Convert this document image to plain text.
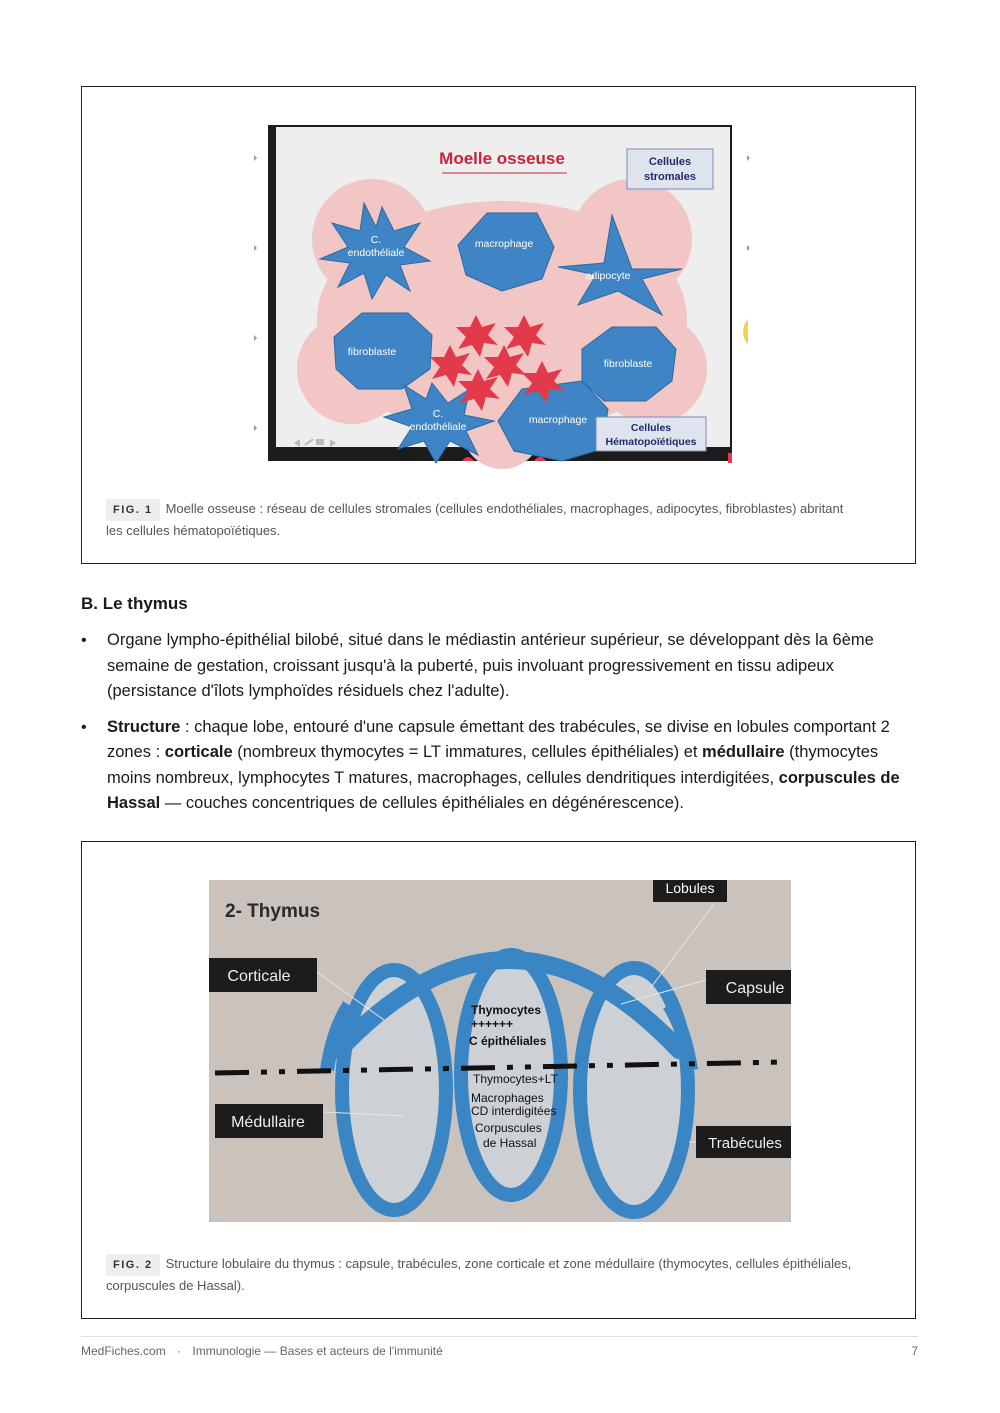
Moelle osseuse	Cellules
stromales
C.
endothéliale
macrophage
adipocyte
fibroblaste
fibroblaste
C.
endothéliale
macrophage
Cellules
Hématopoïétiques
FIG. 1 Moelle osseuse : réseau de cellules stromales (cellules endothéliales, macrophages, adipocytes, fibroblastes) abritant les cellules hématopoïétiques.
B. Le thymus
• Organe lympho-épithélial bilobé, situé dans le médiastin antérieur supérieur, se développant dès la 6ème semaine de gestation, croissant jusqu'à la puberté, puis involuant progressivement en tissu adipeux (persistance d'îlots lymphoïdes résiduels chez l'adulte).
• Structure : chaque lobe, entouré d'une capsule émettant des trabécules, se divise en lobules comportant 2 zones : corticale (nombreux thymocytes = LT immatures, cellules épithéliales) et médullaire (thymocytes moins nombreux, lymphocytes T matures, macrophages, cellules dendritiques interdigitées, corpuscules de Hassal — couches concentriques de cellules épithéliales en dégénérescence).
2- Thymus
Lobules
Corticale
Capsule
Médullaire
Trabécules
Thymocytes
++++++
C épithéliales
Thymocytes+LT
Macrophages
CD interdigitées
Corpuscules
de Hassal
FIG. 2 Structure lobulaire du thymus : capsule, trabécules, zone corticale et zone médullaire (thymocytes, cellules épithéliales, corpuscules de Hassal).
MedFiches.com · Immunologie — Bases et acteurs de l'immunité	7
